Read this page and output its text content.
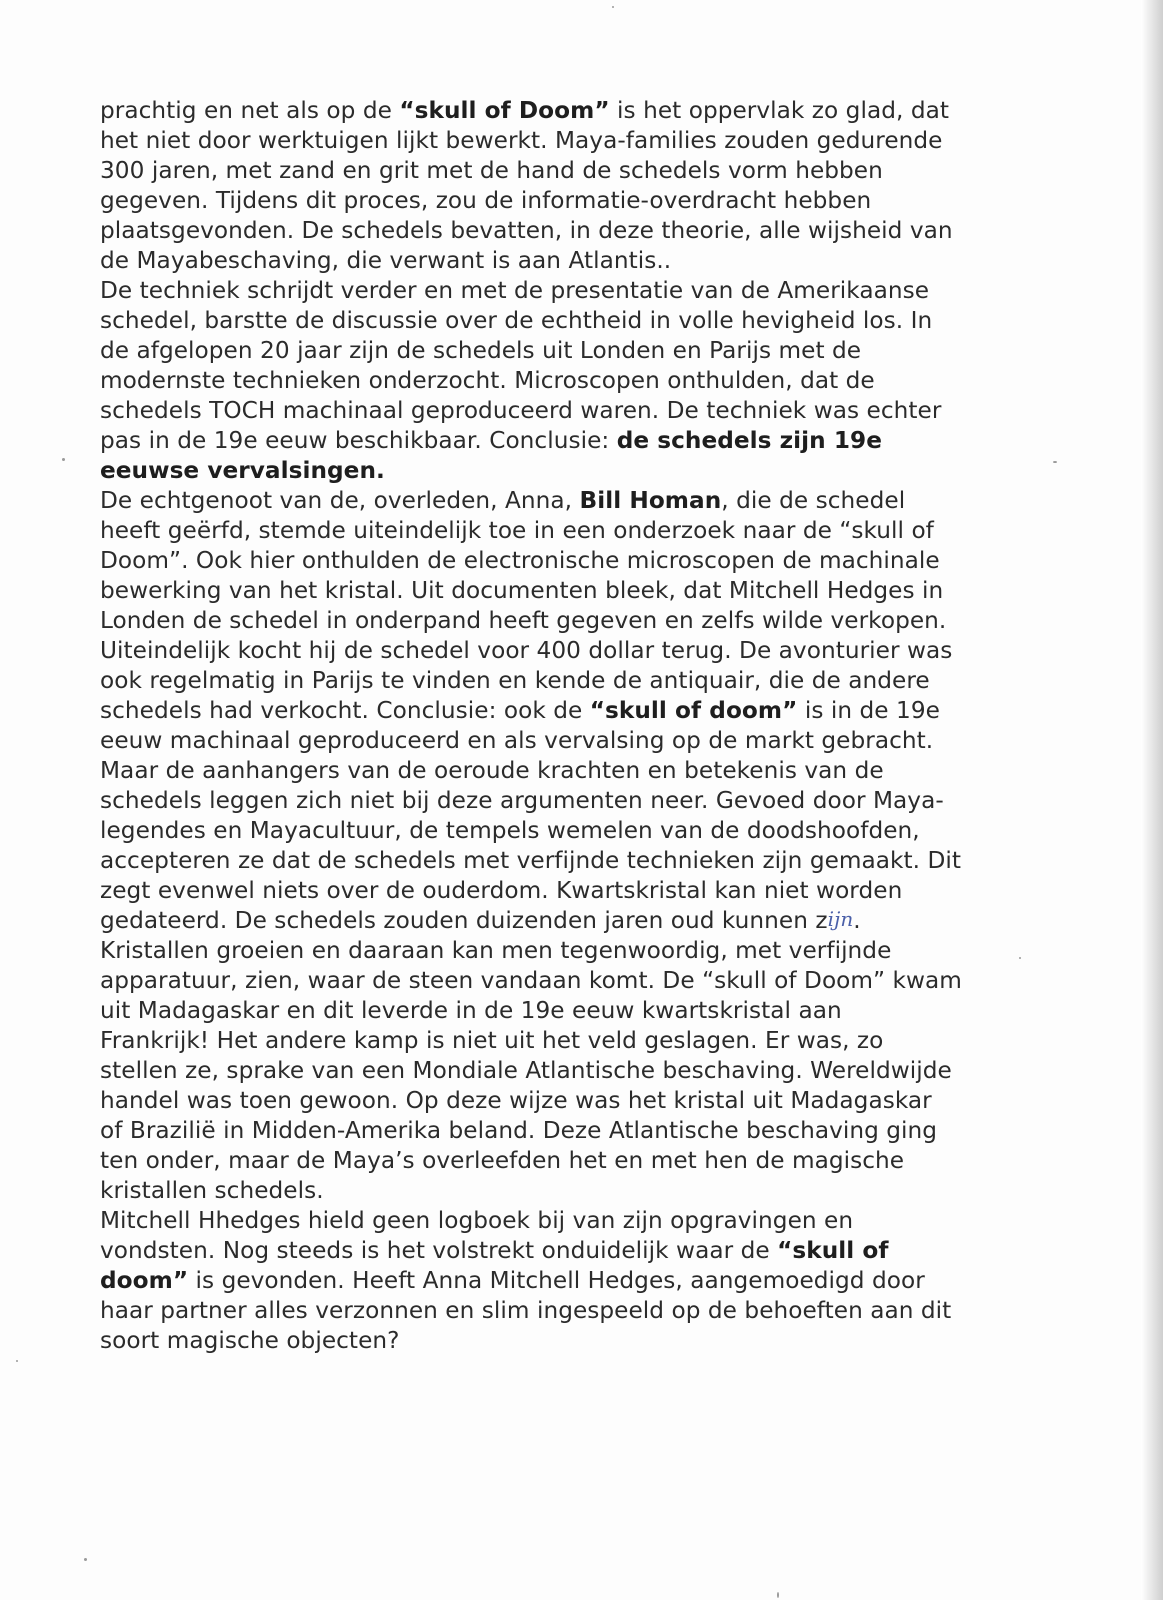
prachtig en net als op de “skull of Doom” is het oppervlak zo glad, dat
het niet door werktuigen lijkt bewerkt. Maya-families zouden gedurende
300 jaren, met zand en grit met de hand de schedels vorm hebben
gegeven. Tijdens dit proces, zou de informatie-overdracht hebben
plaatsgevonden. De schedels bevatten, in deze theorie, alle wijsheid van
de Mayabeschaving, die verwant is aan Atlantis..
De techniek schrijdt verder en met de presentatie van de Amerikaanse
schedel, barstte de discussie over de echtheid in volle hevigheid los. In
de afgelopen 20 jaar zijn de schedels uit Londen en Parijs met de
modernste technieken onderzocht. Microscopen onthulden, dat de
schedels TOCH machinaal geproduceerd waren. De techniek was echter
pas in de 19e eeuw beschikbaar. Conclusie: de schedels zijn 19e
eeuwse vervalsingen.
De echtgenoot van de, overleden, Anna, Bill Homan, die de schedel
heeft geërfd, stemde uiteindelijk toe in een onderzoek naar de “skull of
Doom”. Ook hier onthulden de electronische microscopen de machinale
bewerking van het kristal. Uit documenten bleek, dat Mitchell Hedges in
Londen de schedel in onderpand heeft gegeven en zelfs wilde verkopen.
Uiteindelijk kocht hij de schedel voor 400 dollar terug. De avonturier was
ook regelmatig in Parijs te vinden en kende de antiquair, die de andere
schedels had verkocht. Conclusie: ook de “skull of doom” is in de 19e
eeuw machinaal geproduceerd en als vervalsing op de markt gebracht.
Maar de aanhangers van de oeroude krachten en betekenis van de
schedels leggen zich niet bij deze argumenten neer. Gevoed door Maya-
legendes en Mayacultuur, de tempels wemelen van de doodshoofden,
accepteren ze dat de schedels met verfijnde technieken zijn gemaakt. Dit
zegt evenwel niets over de ouderdom. Kwartskristal kan niet worden
gedateerd. De schedels zouden duizenden jaren oud kunnen zijn.
Kristallen groeien en daaraan kan men tegenwoordig, met verfijnde
apparatuur, zien, waar de steen vandaan komt. De “skull of Doom” kwam
uit Madagaskar en dit leverde in de 19e eeuw kwartskristal aan
Frankrijk! Het andere kamp is niet uit het veld geslagen. Er was, zo
stellen ze, sprake van een Mondiale Atlantische beschaving. Wereldwijde
handel was toen gewoon. Op deze wijze was het kristal uit Madagaskar
of Brazilië in Midden-Amerika beland. Deze Atlantische beschaving ging
ten onder, maar de Maya’s overleefden het en met hen de magische
kristallen schedels.
Mitchell Hhedges hield geen logboek bij van zijn opgravingen en
vondsten. Nog steeds is het volstrekt onduidelijk waar de “skull of
doom” is gevonden. Heeft Anna Mitchell Hedges, aangemoedigd door
haar partner alles verzonnen en slim ingespeeld op de behoeften aan dit
soort magische objecten?
